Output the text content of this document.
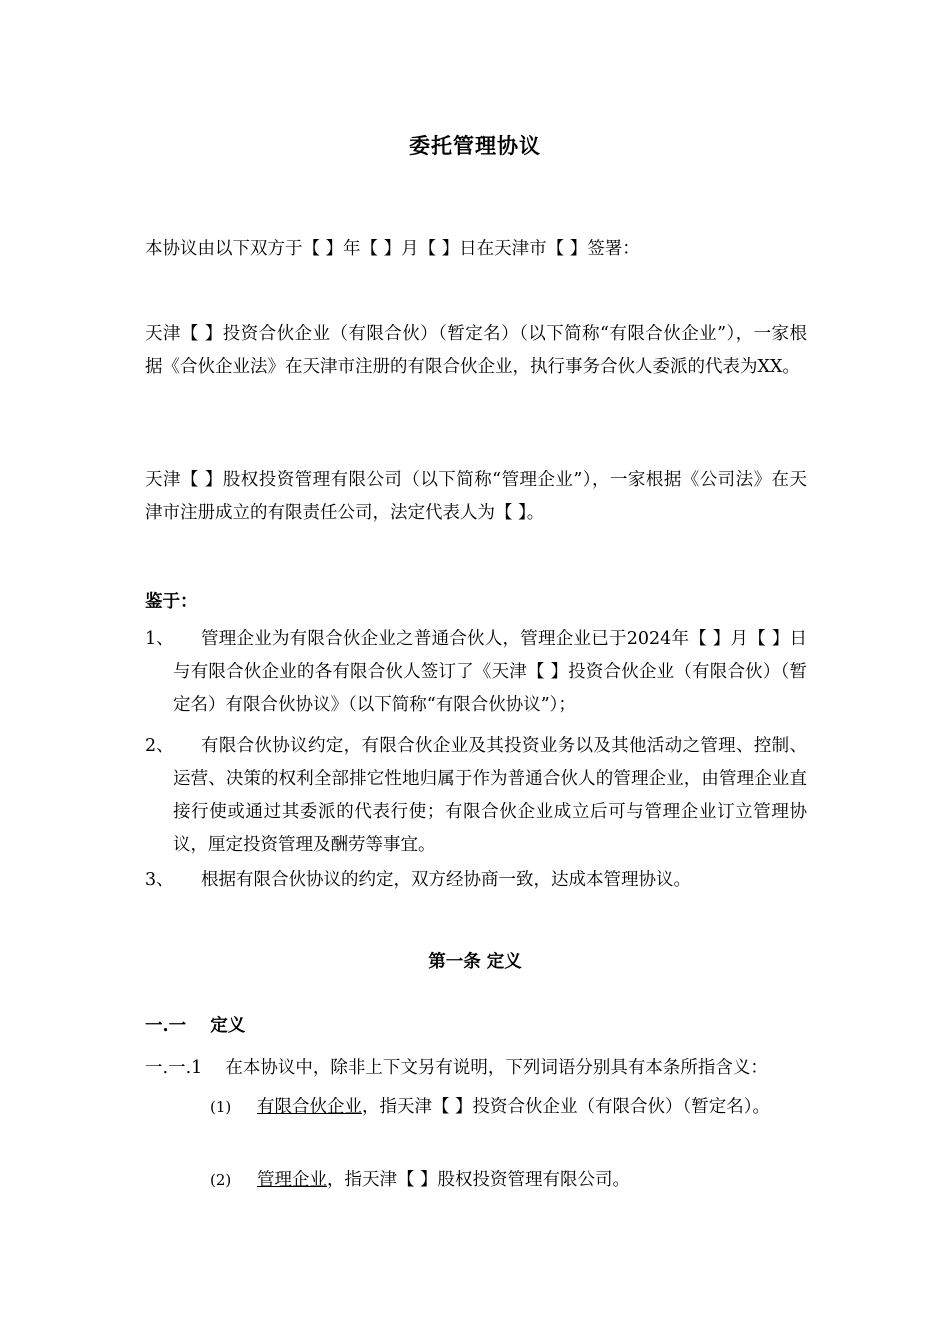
委托管理协议
本协议由以下双方于【 】年【 】月【 】日在天津市【 】签署：
天津【 】投资合伙企业（有限合伙）（暂定名）（以下简称“有限合伙企业”），一家根据《合伙企业法》在天津市注册的有限合伙企业，执行事务合伙人委派的代表为XX。
天津【 】股权投资管理有限公司（以下简称“管理企业”），一家根据《公司法》在天津市注册成立的有限责任公司，法定代表人为【 】。
鉴于：
1、	管理企业为有限合伙企业之普通合伙人，管理企业已于2024年【 】月【 】日与有限合伙企业的各有限合伙人签订了《天津【 】投资合伙企业（有限合伙）（暂定名）有限合伙协议》（以下简称“有限合伙协议”）；
2、	有限合伙协议约定，有限合伙企业及其投资业务以及其他活动之管理、控制、运营、决策的权利全部排它性地归属于作为普通合伙人的管理企业，由管理企业直接行使或通过其委派的代表行使；有限合伙企业成立后可与管理企业订立管理协议，厘定投资管理及酬劳等事宜。
3、	根据有限合伙协议的约定，双方经协商一致，达成本管理协议。
第一条 定义
一.一 定义
一.一.1 在本协议中，除非上下文另有说明，下列词语分别具有本条所指含义：
(1)	有限合伙企业，指天津【 】投资合伙企业（有限合伙）（暂定名）。
(2)	管理企业，指天津【 】股权投资管理有限公司。
